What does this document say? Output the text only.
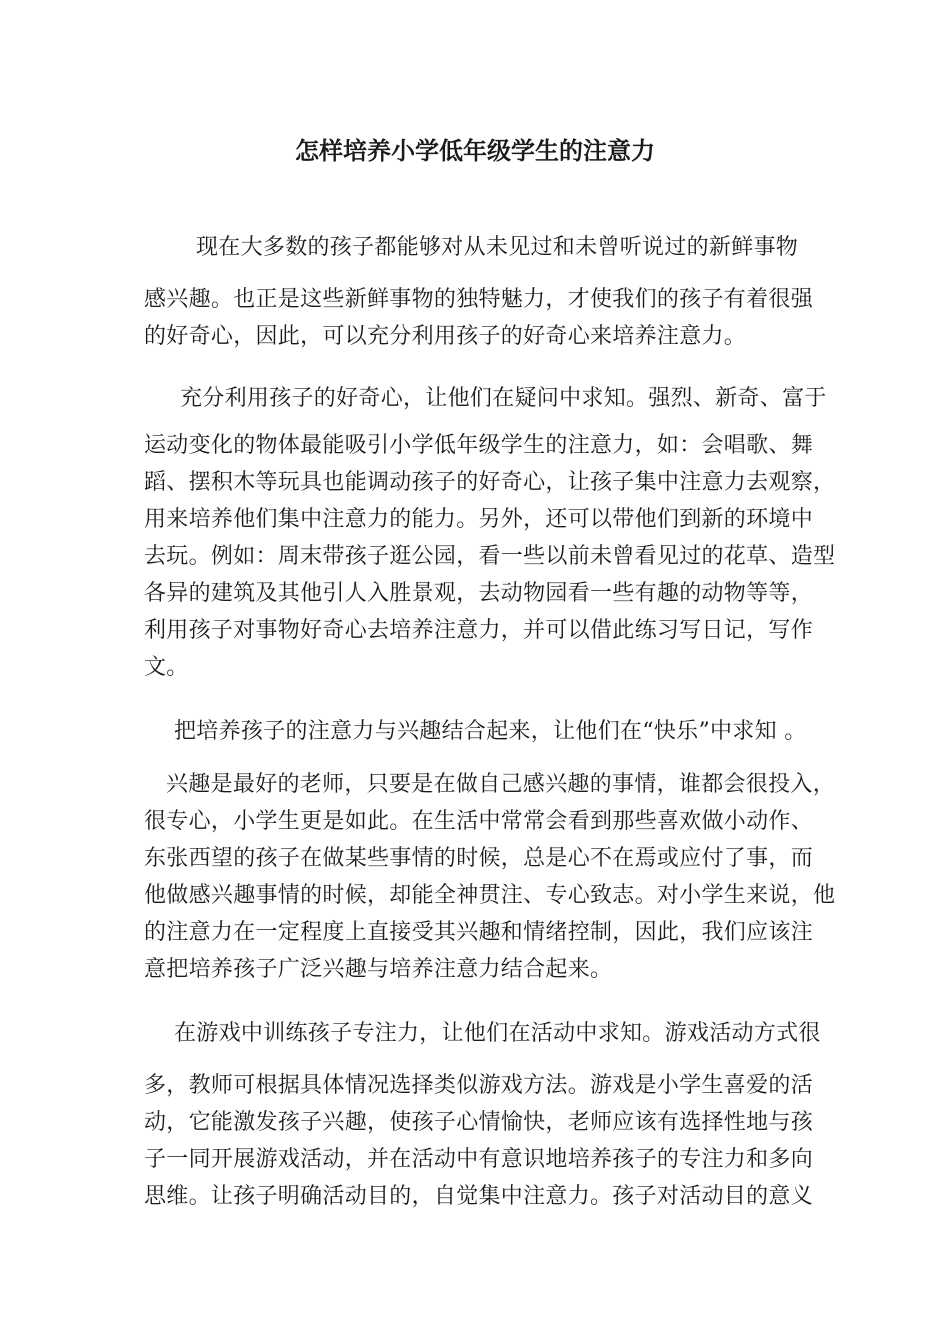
怎样培养小学低年级学生的注意力
现在大多数的孩子都能够对从未见过和未曾听说过的新鲜事物
感兴趣。也正是这些新鲜事物的独特魅力，才使我们的孩子有着很强
的好奇心，因此，可以充分利用孩子的好奇心来培养注意力。
充分利用孩子的好奇心，让他们在疑问中求知。强烈、新奇、富于
运动变化的物体最能吸引小学低年级学生的注意力，如：会唱歌、舞
蹈、摆积木等玩具也能调动孩子的好奇心，让孩子集中注意力去观察，
用来培养他们集中注意力的能力。另外，还可以带他们到新的环境中
去玩。例如：周末带孩子逛公园，看一些以前未曾看见过的花草、造型
各异的建筑及其他引人入胜景观，去动物园看一些有趣的动物等等，
利用孩子对事物好奇心去培养注意力，并可以借此练习写日记，写作
文。
把培养孩子的注意力与兴趣结合起来，让他们在“快乐”中求知 。
兴趣是最好的老师，只要是在做自己感兴趣的事情，谁都会很投入，
很专心，小学生更是如此。在生活中常常会看到那些喜欢做小动作、
东张西望的孩子在做某些事情的时候，总是心不在焉或应付了事，而
他做感兴趣事情的时候，却能全神贯注、专心致志。对小学生来说，他
的注意力在一定程度上直接受其兴趣和情绪控制，因此，我们应该注
意把培养孩子广泛兴趣与培养注意力结合起来。
在游戏中训练孩子专注力，让他们在活动中求知。游戏活动方式很
多，教师可根据具体情况选择类似游戏方法。游戏是小学生喜爱的活
动，它能激发孩子兴趣，使孩子心情愉快，老师应该有选择性地与孩
子一同开展游戏活动，并在活动中有意识地培养孩子的专注力和多向
思维。让孩子明确活动目的，自觉集中注意力。孩子对活动目的意义
